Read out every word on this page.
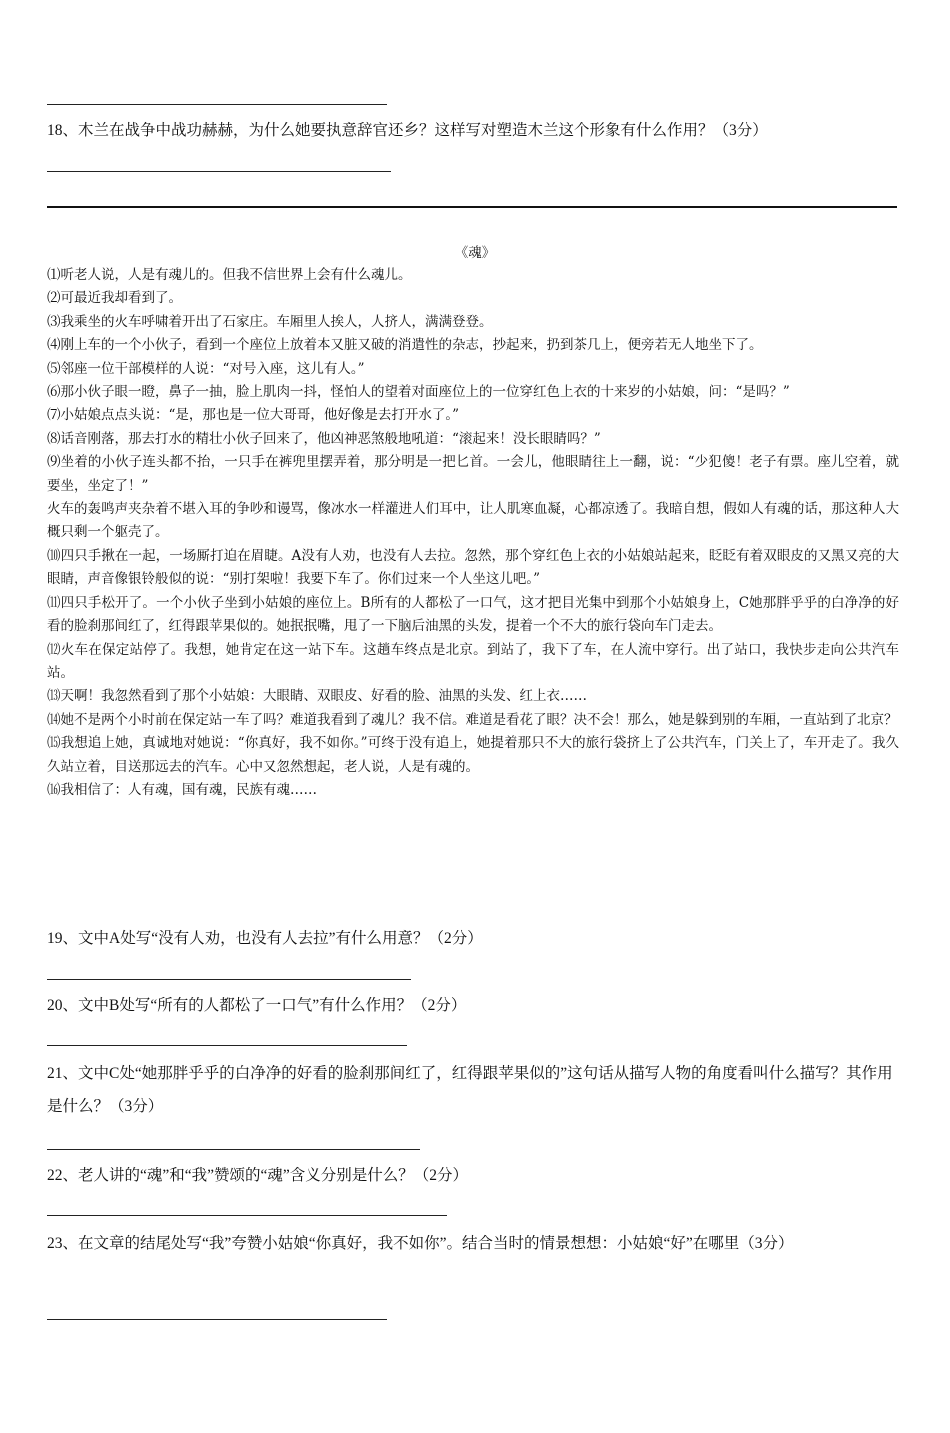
18、木兰在战争中战功赫赫，为什么她要执意辞官还乡？这样写对塑造木兰这个形象有什么作用？（3分）
《魂》

⑴听老人说，人是有魂儿的。但我不信世界上会有什么魂儿。

⑵可最近我却看到了。

⑶我乘坐的火车呼啸着开出了石家庄。车厢里人挨人，人挤人，满满登登。

⑷刚上车的一个小伙子，看到一个座位上放着本又脏又破的消遣性的杂志，抄起来，扔到茶几上，便旁若无人地坐下了。

⑸邻座一位干部模样的人说：“对号入座，这儿有人。”

⑹那小伙子眼一瞪，鼻子一抽，脸上肌肉一抖，怪怕人的望着对面座位上的一位穿红色上衣的十来岁的小姑娘，问：“是吗？”

⑺小姑娘点点头说：“是，那也是一位大哥哥，他好像是去打开水了。”

⑻话音刚落，那去打水的精壮小伙子回来了，他凶神恶煞般地吼道：“滚起来！没长眼睛吗？”

⑼坐着的小伙子连头都不抬，一只手在裤兜里摆弄着，那分明是一把匕首。一会儿，他眼睛往上一翻，说：“少犯傻！老子有票。座儿空着，就要坐，坐定了！”

火车的轰鸣声夹杂着不堪入耳的争吵和谩骂，像冰水一样灌进人们耳中，让人肌寒血凝，心都凉透了。我暗自想，假如人有魂的话，那这种人大概只剩一个躯壳了。

⑽四只手揪在一起，一场厮打迫在眉睫。A没有人劝，也没有人去拉。忽然，那个穿红色上衣的小姑娘站起来，眨眨有着双眼皮的又黑又亮的大眼睛，声音像银铃般似的说：“别打架啦！我要下车了。你们过来一个人坐这儿吧。”

⑾四只手松开了。一个小伙子坐到小姑娘的座位上。B所有的人都松了一口气，这才把目光集中到那个小姑娘身上，C她那胖乎乎的白净净的好看的脸刹那间红了，红得跟苹果似的。她抿抿嘴，甩了一下脑后油黑的头发，提着一个不大的旅行袋向车门走去。

⑿火车在保定站停了。我想，她肯定在这一站下车。这趟车终点是北京。到站了，我下了车，在人流中穿行。出了站口，我快步走向公共汽车站。

⒀天啊！我忽然看到了那个小姑娘：大眼睛、双眼皮、好看的脸、油黑的头发、红上衣……

⒁她不是两个小时前在保定站一车了吗？难道我看到了魂儿？我不信。难道是看花了眼？决不会！那么，她是躲到别的车厢，一直站到了北京？

⒂我想追上她，真诚地对她说：“你真好，我不如你。”可终于没有追上，她提着那只不大的旅行袋挤上了公共汽车，门关上了，车开走了。我久久站立着，目送那远去的汽车。心中又忽然想起，老人说，人是有魂的。

⒃我相信了：人有魂，国有魂，民族有魂……

19、文中A处写“没有人劝，也没有人去拉”有什么用意？（2分）
20、文中B处写“所有的人都松了一口气”有什么作用？（2分）
21、文中C处“她那胖乎乎的白净净的好看的脸刹那间红了，红得跟苹果似的”这句话从描写人物的角度看叫什么描写？其作用是什么？（3分）
22、老人讲的“魂”和“我”赞颂的“魂”含义分别是什么？（2分）
23、在文章的结尾处写“我”夸赞小姑娘“你真好，我不如你”。结合当时的情景想想：小姑娘“好”在哪里（3分）
